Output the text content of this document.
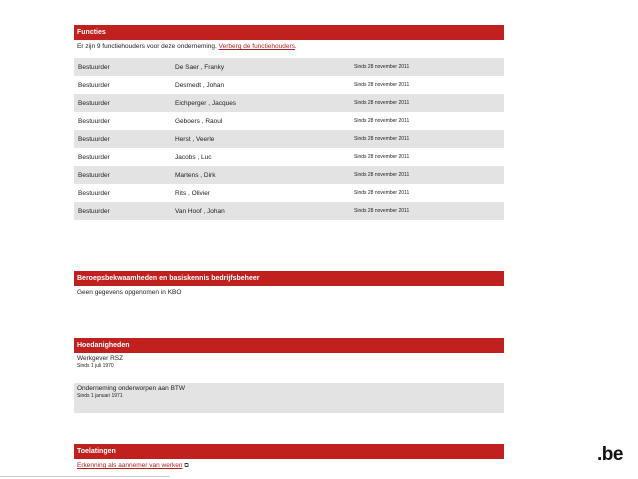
Functies
Er zijn 9 functiehouders voor deze onderneming. Verberg de functiehouders.
Bestuurder	De Saer , Franky	Sinds 28 november 2011
Bestuurder	Desmedt , Johan	Sinds 28 november 2011
Bestuurder	Eichperger , Jacques	Sinds 28 november 2011
Bestuurder	Geboers , Raoul	Sinds 28 november 2011
Bestuurder	Herst , Veerle	Sinds 28 november 2011
Bestuurder	Jacobs , Luc	Sinds 28 november 2011
Bestuurder	Martens , Dirk	Sinds 28 november 2011
Bestuurder	Rits , Olivier	Sinds 28 november 2011
Bestuurder	Van Hoof , Johan	Sinds 28 november 2011
Beroepsbekwaamheden en basiskennis bedrijfsbeheer
Geen gegevens opgenomen in KBO
Hoedanigheden
Werkgever RSZ
Sinds 1 juli 1970
Onderneming onderworpen aan BTW
Sinds 1 januari 1971
Toelatingen
Erkenning als aannemer van werken ⧉
.be
